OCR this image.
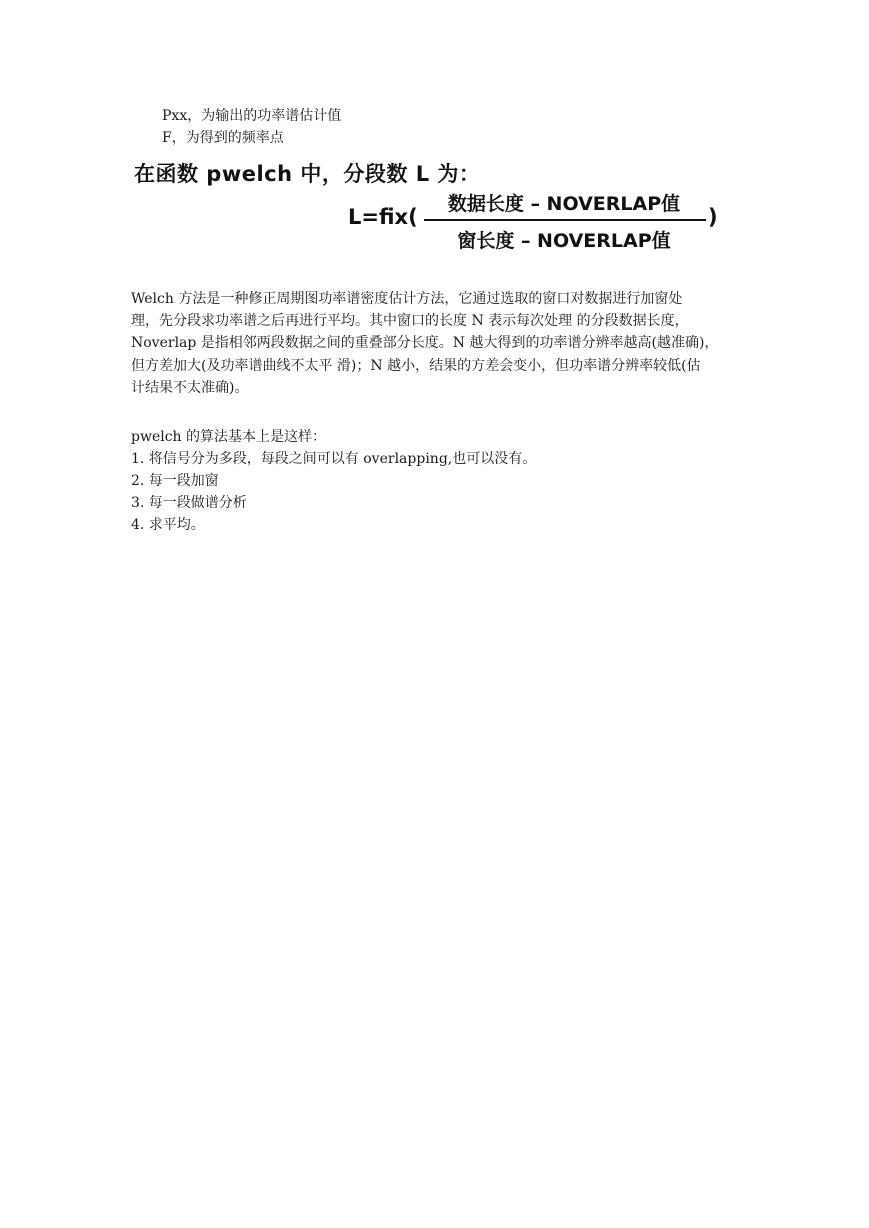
Pxx，为输出的功率谱估计值
F，为得到的频率点
在函数 pwelch 中，分段数 L 为：
L=fix(
数据长度 – NOVERLAP值
窗长度 – NOVERLAP值
)
Welch 方法是一种修正周期图功率谱密度估计方法，它通过选取的窗口对数据进行加窗处
理，先分段求功率谱之后再进行平均。其中窗口的长度 N 表示每次处理 的分段数据长度，
Noverlap 是指相邻两段数据之间的重叠部分长度。N 越大得到的功率谱分辨率越高(越准确)，
但方差加大(及功率谱曲线不太平 滑)；N 越小，结果的方差会变小，但功率谱分辨率较低(估
计结果不太准确)。
pwelch 的算法基本上是这样：
1. 将信号分为多段，每段之间可以有 overlapping,也可以没有。
2. 每一段加窗
3. 每一段做谱分析
4. 求平均。
